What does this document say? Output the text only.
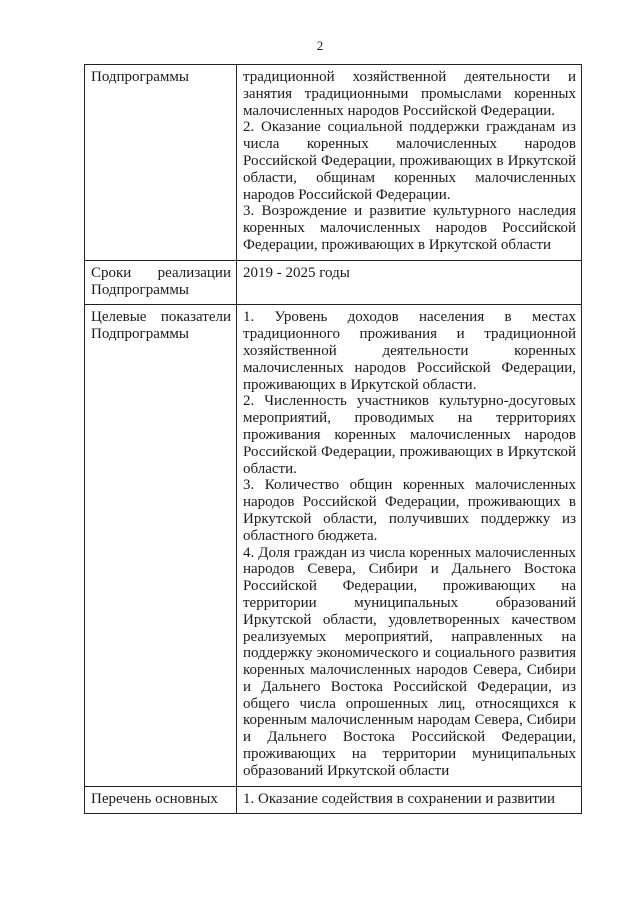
2
Подпрограммы	традиционной хозяйственной деятельности и занятия традиционными промыслами коренных малочисленных народов Российской Федерации.

2. Оказание социальной поддержки гражданам из числа коренных малочисленных народов Российской Федерации, проживающих в Иркутской области, общинам коренных малочисленных народов Российской Федерации.

3. Возрождение и развитие культурного наследия коренных малочисленных народов Российской Федерации, проживающих в Иркутской области

Сроки реализации Подпрограммы	2019 - 2025 годы

Целевые показатели Подпрограммы	1. Уровень доходов населения в местах традиционного проживания и традиционной хозяйственной деятельности коренных малочисленных народов Российской Федерации, проживающих в Иркутской области.

2. Численность участников культурно-досуговых мероприятий, проводимых на территориях проживания коренных малочисленных народов Российской Федерации, проживающих в Иркутской области.

3. Количество общин коренных малочисленных народов Российской Федерации, проживающих в Иркутской области, получивших поддержку из областного бюджета.

4. Доля граждан из числа коренных малочисленных народов Севера, Сибири и Дальнего Востока Российской Федерации, проживающих на территории муниципальных образований Иркутской области, удовлетворенных качеством реализуемых мероприятий, направленных на поддержку экономического и социального развития коренных малочисленных народов Севера, Сибири и Дальнего Востока Российской Федерации, из общего числа опрошенных лиц, относящихся к коренным малочисленным народам Севера, Сибири и Дальнего Востока Российской Федерации, проживающих на территории муниципальных образований Иркутской области

Перечень основных	1. Оказание содействия в сохранении и развитии
